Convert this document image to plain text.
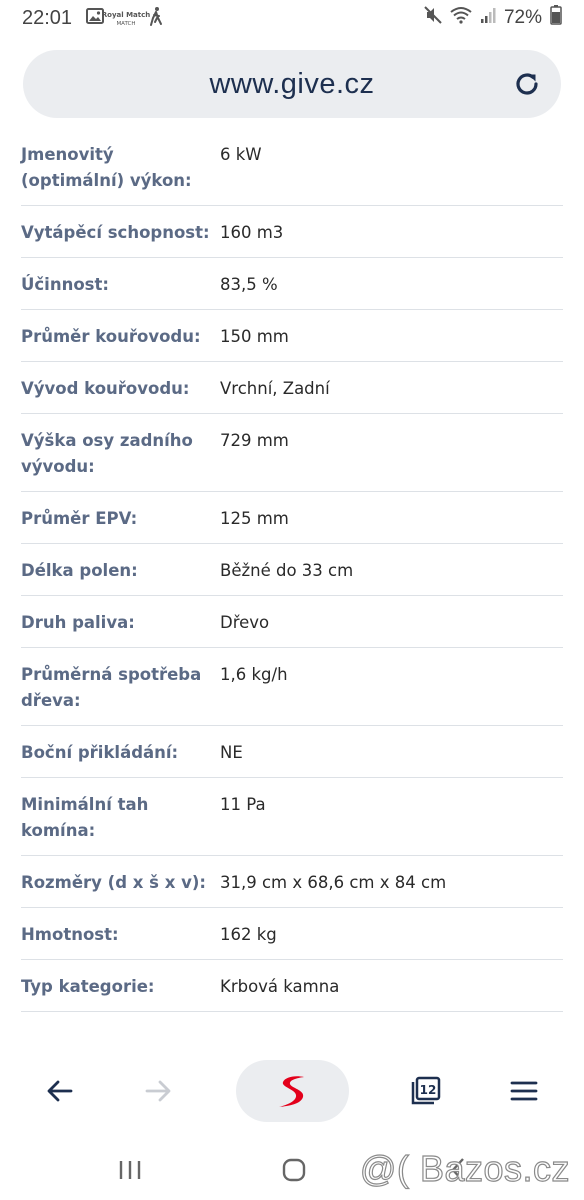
22:01	Royal Match
MATCH	72%
www.give.cz
Jmenovitý (optimální) výkon:
6 kW
Vytápěcí schopnost: 160 m3
Účinnost:	83,5 %
Průměr kouřovodu:	150 mm
Vývod kouřovodu:	Vrchní, Zadní
Výška osy zadního vývodu:
729 mm
Průměr EPV:	125 mm
Délka polen:	Běžné do 33 cm
Druh paliva:	Dřevo
Průměrná spotřeba dřeva:
1,6 kg/h
Boční přikládání:	NE
Minimální tah komína:
11 Pa
Rozměry (d x š x v): 31,9 cm x 68,6 cm x 84 cm
Hmotnost:	162 kg
Typ kategorie:	Krbová kamna
12
@( Bazos.cz
